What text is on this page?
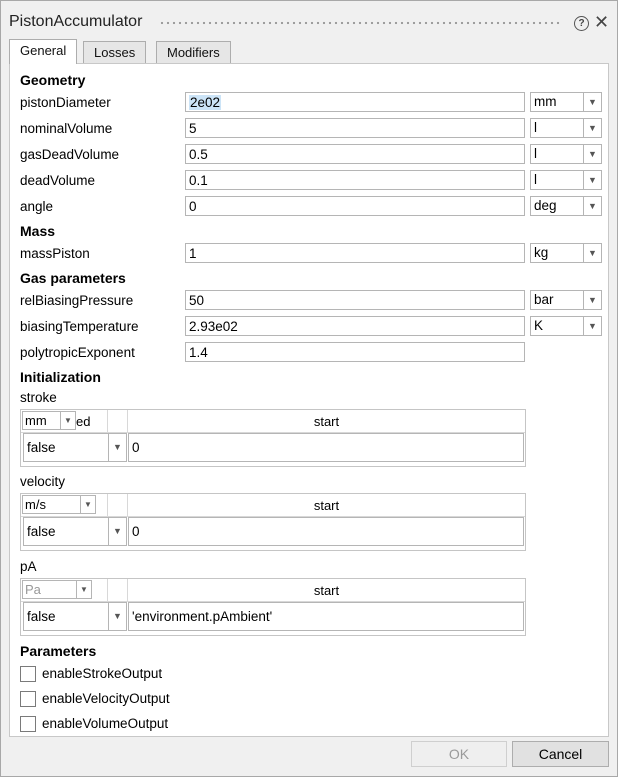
PistonAccumulator	? ✕
General	Losses	Modifiers
Geometry
pistonDiameter	2e02	mm	▼
nominalVolume	5	l	▼
gasDeadVolume	0.5	l	▼
deadVolume	0.1	l	▼
angle	0	deg	▼
Mass
massPiston	1	kg	▼
Gas parameters
relBiasingPressure	50	bar	▼
biasingTemperature	2.93e02	K	▼
polytropicExponent	1.4
Initialization
stroke
mm	▼ ed	start
false	▼ 0
velocity
m/s	▼	start
false	▼ 0
pA
Pa	▼	start
false	▼ 'environment.pAmbient'
Parameters
enableStrokeOutput
enableVelocityOutput
enableVolumeOutput
OK	Cancel
